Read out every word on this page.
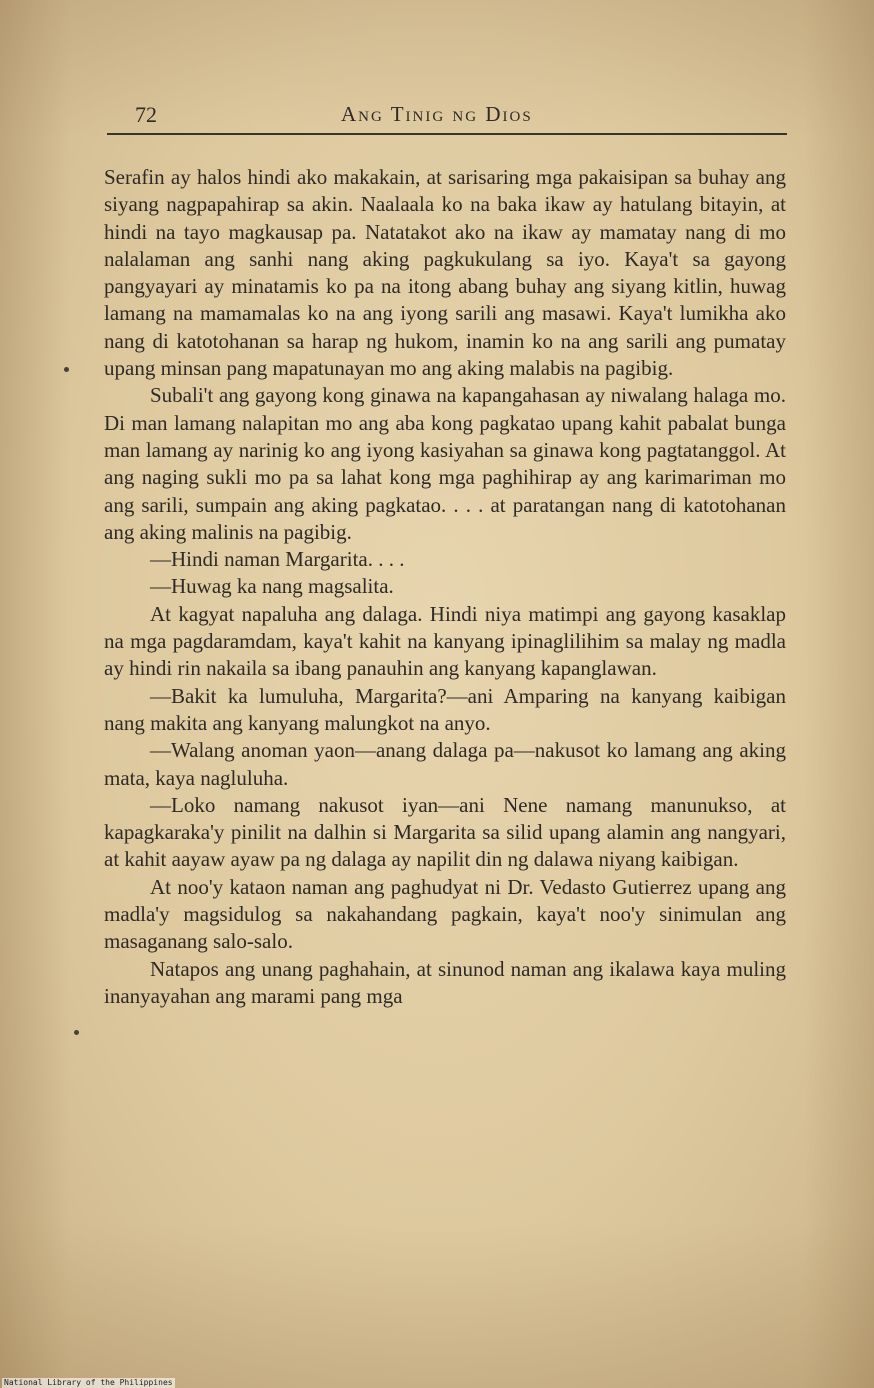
72	Ang Tinig ng Dios

Serafin ay halos hindi ako makakain, at sarisaring mga pakaisipan sa buhay ang siyang nagpapahirap sa akin. Naalaala ko na baka ikaw ay hatulang bitayin, at hindi na tayo magkausap pa. Natatakot ako na ikaw ay mamatay nang di mo nalalaman ang sanhi nang aking pagkukulang sa iyo. Kaya't sa gayong pangyayari ay minatamis ko pa na itong abang buhay ang siyang kitlin, huwag lamang na mamamalas ko na ang iyong sarili ang masawi. Kaya't lumikha ako nang di katotohanan sa harap ng hukom, inamin ko na ang sarili ang pumatay upang minsan pang mapatunayan mo ang aking malabis na pagibig.

Subali't ang gayong kong ginawa na kapangahasan ay niwalang halaga mo. Di man lamang nalapitan mo ang aba kong pagkatao upang kahit pabalat bunga man lamang ay narinig ko ang iyong kasiyahan sa ginawa kong pagtatanggol. At ang naging sukli mo pa sa lahat kong mga paghihirap ay ang karimariman mo ang sarili, sumpain ang aking pagkatao. . . . at paratangan nang di katotohanan ang aking malinis na pagibig.

—Hindi naman Margarita. . . .

—Huwag ka nang magsalita.

At kagyat napaluha ang dalaga. Hindi niya matimpi ang gayong kasaklap na mga pagdaramdam, kaya't kahit na kanyang ipinaglilihim sa malay ng madla ay hindi rin nakaila sa ibang panauhin ang kanyang kapanglawan.

—Bakit ka lumuluha, Margarita?—ani Amparing na kanyang kaibigan nang makita ang kanyang malungkot na anyo.

—Walang anoman yaon—anang dalaga pa—nakusot ko lamang ang aking mata, kaya nagluluha.

—Loko namang nakusot iyan—ani Nene namang manunukso, at kapagkaraka'y pinilit na dalhin si Margarita sa silid upang alamin ang nangyari, at kahit aayaw ayaw pa ng dalaga ay napilit din ng dalawa niyang kaibigan.

At noo'y kataon naman ang paghudyat ni Dr. Vedasto Gutierrez upang ang madla'y magsidulog sa nakahandang pagkain, kaya't noo'y sinimulan ang masaganang salo-salo.

Natapos ang unang paghahain, at sinunod naman ang ikalawa kaya muling inanyayahan ang marami pang mga

National Library of the Philippines
